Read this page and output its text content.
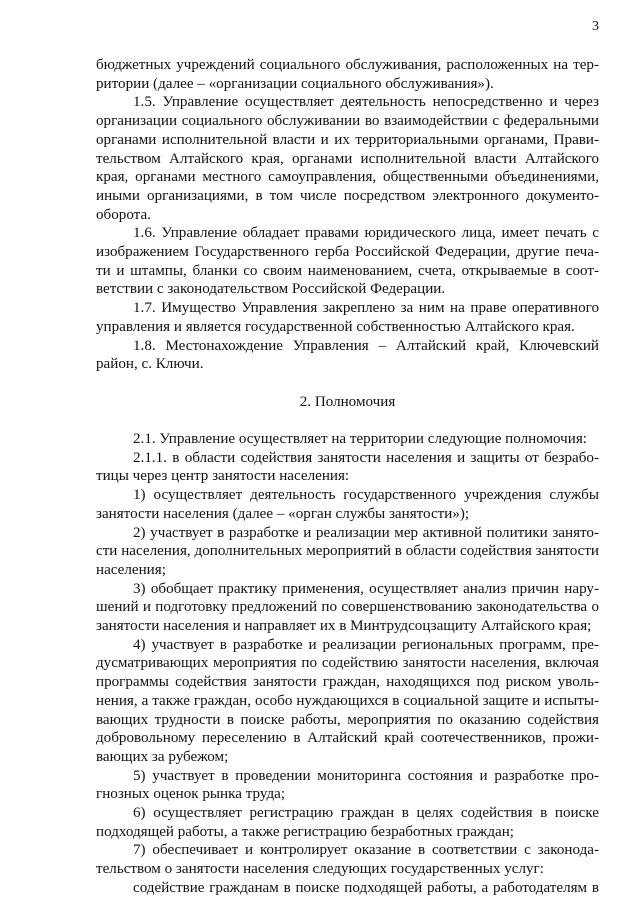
3
бюджетных учреждений социального обслуживания, расположенных на тер-
ритории (далее – «организации социального обслуживания»).
1.5. Управление осуществляет деятельность непосредственно и через
организации социального обслуживании во взаимодействии с федеральными
органами исполнительной власти и их территориальными органами, Прави-
тельством Алтайского края, органами исполнительной власти Алтайского
края, органами местного самоуправления, общественными объединениями,
иными организациями, в том числе посредством электронного документо-
оборота.
1.6. Управление обладает правами юридического лица, имеет печать с
изображением Государственного герба Российской Федерации, другие печа-
ти и штампы, бланки со своим наименованием, счета, открываемые в соот-
ветствии с законодательством Российской Федерации.
1.7. Имущество Управления закреплено за ним на праве оперативного
управления и является государственной собственностью Алтайского края.
1.8. Местонахождение Управления – Алтайский край, Ключевский
район, с. Ключи.
2. Полномочия
2.1. Управление осуществляет на территории следующие полномочия:
2.1.1. в области содействия занятости населения и защиты от безрабо-
тицы через центр занятости населения:
1) осуществляет деятельность государственного учреждения службы
занятости населения (далее – «орган службы занятости»);
2) участвует в разработке и реализации мер активной политики занято-
сти населения, дополнительных мероприятий в области содействия занятости
населения;
3) обобщает практику применения, осуществляет анализ причин нару-
шений и подготовку предложений по совершенствованию законодательства о
занятости населения и направляет их в Минтрудсоцзащиту Алтайского края;
4) участвует в разработке и реализации региональных программ, пре-
дусматривающих мероприятия по содействию занятости населения, включая
программы содействия занятости граждан, находящихся под риском уволь-
нения, а также граждан, особо нуждающихся в социальной защите и испыты-
вающих трудности в поиске работы, мероприятия по оказанию содействия
добровольному переселению в Алтайский край соотечественников, прожи-
вающих за рубежом;
5) участвует в проведении мониторинга состояния и разработке про-
гнозных оценок рынка труда;
6) осуществляет регистрацию граждан в целях содействия в поиске
подходящей работы, а также регистрацию безработных граждан;
7) обеспечивает и контролирует оказание в соответствии с законода-
тельством о занятости населения следующих государственных услуг:
содействие гражданам в поиске подходящей работы, а работодателям в
